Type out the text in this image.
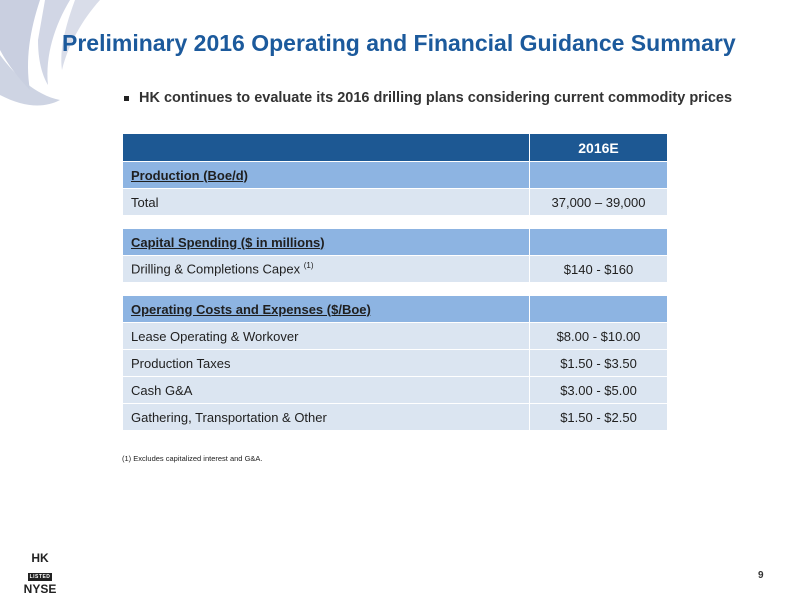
Preliminary 2016 Operating and Financial Guidance Summary
HK continues to evaluate its 2016 drilling plans considering current commodity prices
	2016E
Production (Boe/d)	
Total	37,000 – 39,000

Capital Spending ($ in millions)	
Drilling & Completions Capex $^{(1)}$	$140 - $160

Operating Costs and Expenses ($/Boe)	
Lease Operating & Workover	$8.00 - $10.00
Production Taxes	$1.50 - $3.50
Cash G&A	$3.00 - $5.00
Gathering, Transportation & Other	$1.50 - $2.50
(1) Excludes capitalized interest and G&A.
HK
LISTED
NYSE
9
